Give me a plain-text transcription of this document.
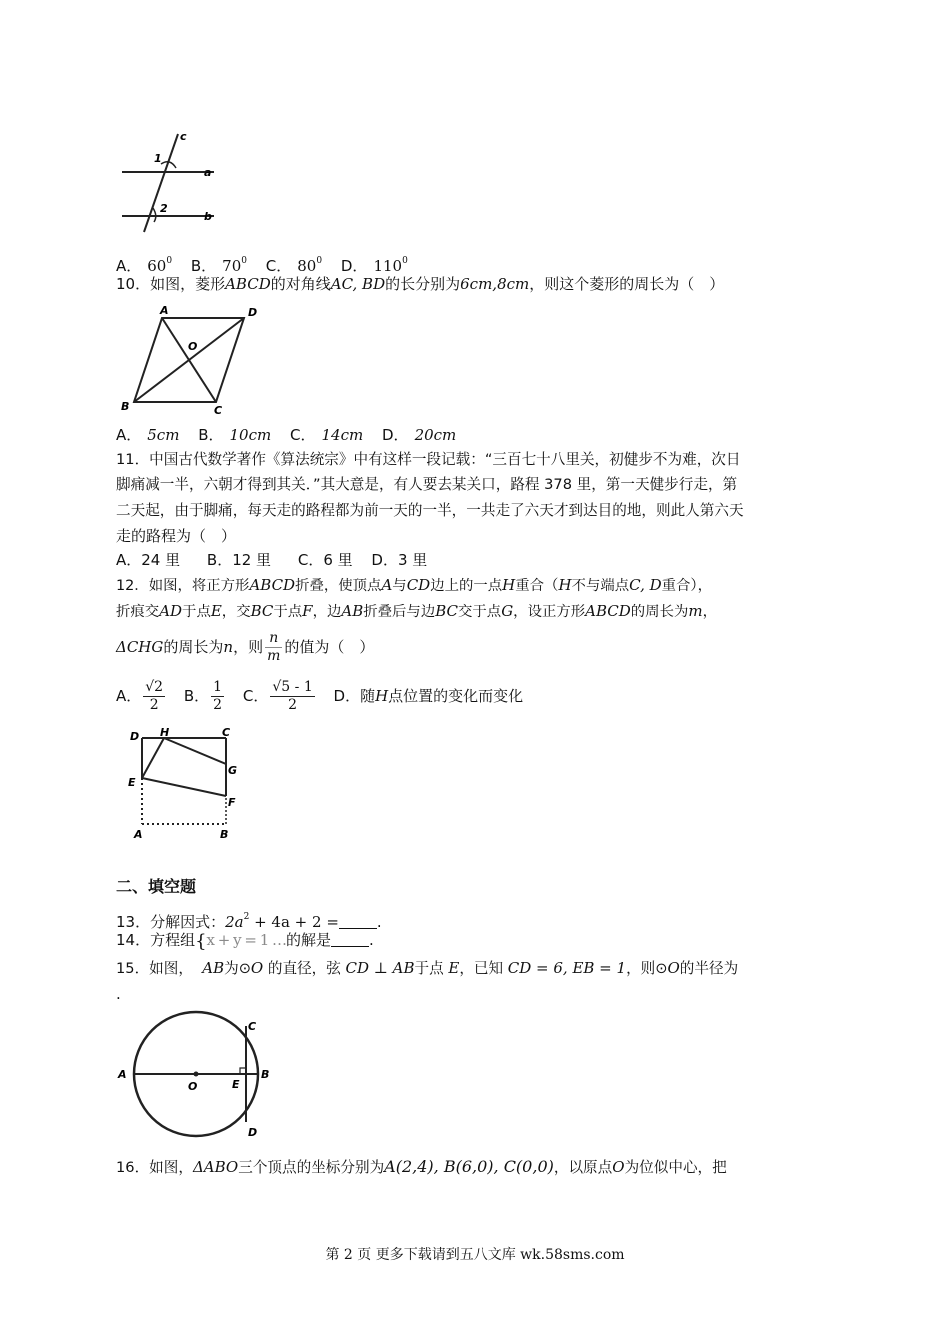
c
a
b
1
2
A． $60^0$ B． $70^0$ C． $80^0$ D． $110^0$
10．如图，菱形ABCD的对角线AC, BD的长分别为6cm,8cm，则这个菱形的周长为（　）
A	D
B	C
O
A． 5cm B． 10cm C． 14cm D． 20cm
11．中国古代数学著作《算法统宗》中有这样一段记载：“三百七十八里关，初健步不为难，次日
脚痛减一半，六朝才得到其关．”其大意是，有人要去某关口，路程 378 里，第一天健步行走，第
二天起，由于脚痛，每天走的路程都为前一天的一半，一共走了六天才到达目的地，则此人第六天
走的路程为（　）
A．24 里 B．12 里 C．6 里 D．3 里
12．如图，将正方形ABCD折叠，使顶点A与CD边上的一点H重合（H不与端点C, D重合），
折痕交AD于点E，交BC于点F，边AB折叠后与边BC交于点G，设正方形ABCD的周长为m，
ΔCHG的周长为n，则 $\frac{n}{m}$ 的值为（　）
A． $\frac{√2}{2}$ B． $\frac{1}{2}$ C． $\frac{√5 - 1}{2}$ D．随H点位置的变化而变化
D H	C
G
E
F
A	B
二、填空题
13．分解因式：$2a^2 + 4a + 2$ =	.
14．方程组{x + y = 1 …的解是	.
15．如图， AB为⊙O 的直径，弦 CD ⊥ AB于点 E，已知 CD = 6, EB = 1，则⊙O的半径为
.
A
O	E
B
C
D
16．如图，ΔABO三个顶点的坐标分别为A(2,4), B(6,0), C(0,0)，以原点O为位似中心，把
第 2 页 更多下载请到五八文库 wk.58sms.com
